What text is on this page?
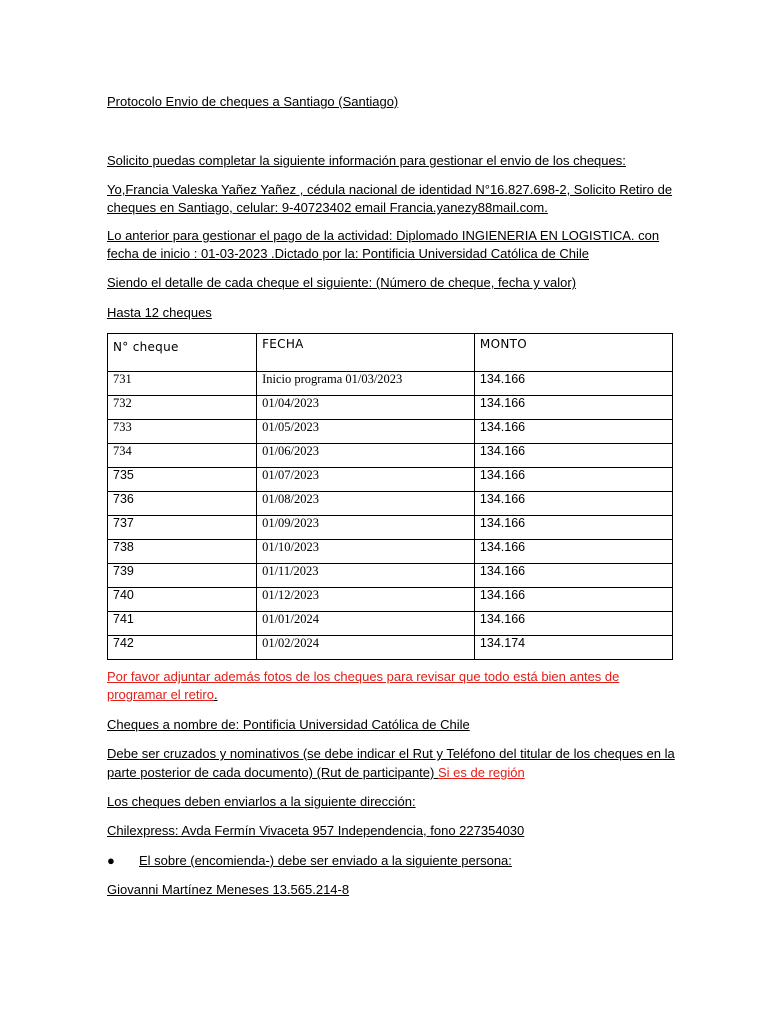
Protocolo Envio de cheques a Santiago (Santiago)
Solicito puedas completar la siguiente información para gestionar el envio de los cheques:
Yo,Francia Valeska Yañez Yañez , cédula nacional de identidad N°16.827.698-2, Solicito Retiro de
cheques en Santiago, celular: 9-40723402 email Francia.yanezy88mail.com.
Lo anterior para gestionar el pago de la actividad: Diplomado INGIENERIA EN LOGISTICA. con
fecha de inicio : 01-03-2023 .Dictado por la: Pontificia Universidad Católica de Chile
Siendo el detalle de cada cheque el siguiente: (Número de cheque, fecha y valor)
Hasta 12 cheques
N° cheque	FECHA	MONTO
731	Inicio programa 01/03/2023	134.166
732	01/04/2023	134.166
733	01/05/2023	134.166
734	01/06/2023	134.166
735	01/07/2023	134.166
736	01/08/2023	134.166
737	01/09/2023	134.166
738	01/10/2023	134.166
739	01/11/2023	134.166
740	01/12/2023	134.166
741	01/01/2024	134.166
742	01/02/2024	134.174
Por favor adjuntar además fotos de los cheques para revisar que todo está bien antes de
programar el retiro.
Cheques a nombre de: Pontificia Universidad Católica de Chile
Debe ser cruzados y nominativos (se debe indicar el Rut y Teléfono del titular de los cheques en la
parte posterior de cada documento) (Rut de participante) Si es de región
Los cheques deben enviarlos a la siguiente dirección:
Chilexpress: Avda Fermín Vivaceta 957 Independencia, fono 227354030
● El sobre (encomienda-) debe ser enviado a la siguiente persona:
Giovanni Martínez Meneses 13.565.214-8
